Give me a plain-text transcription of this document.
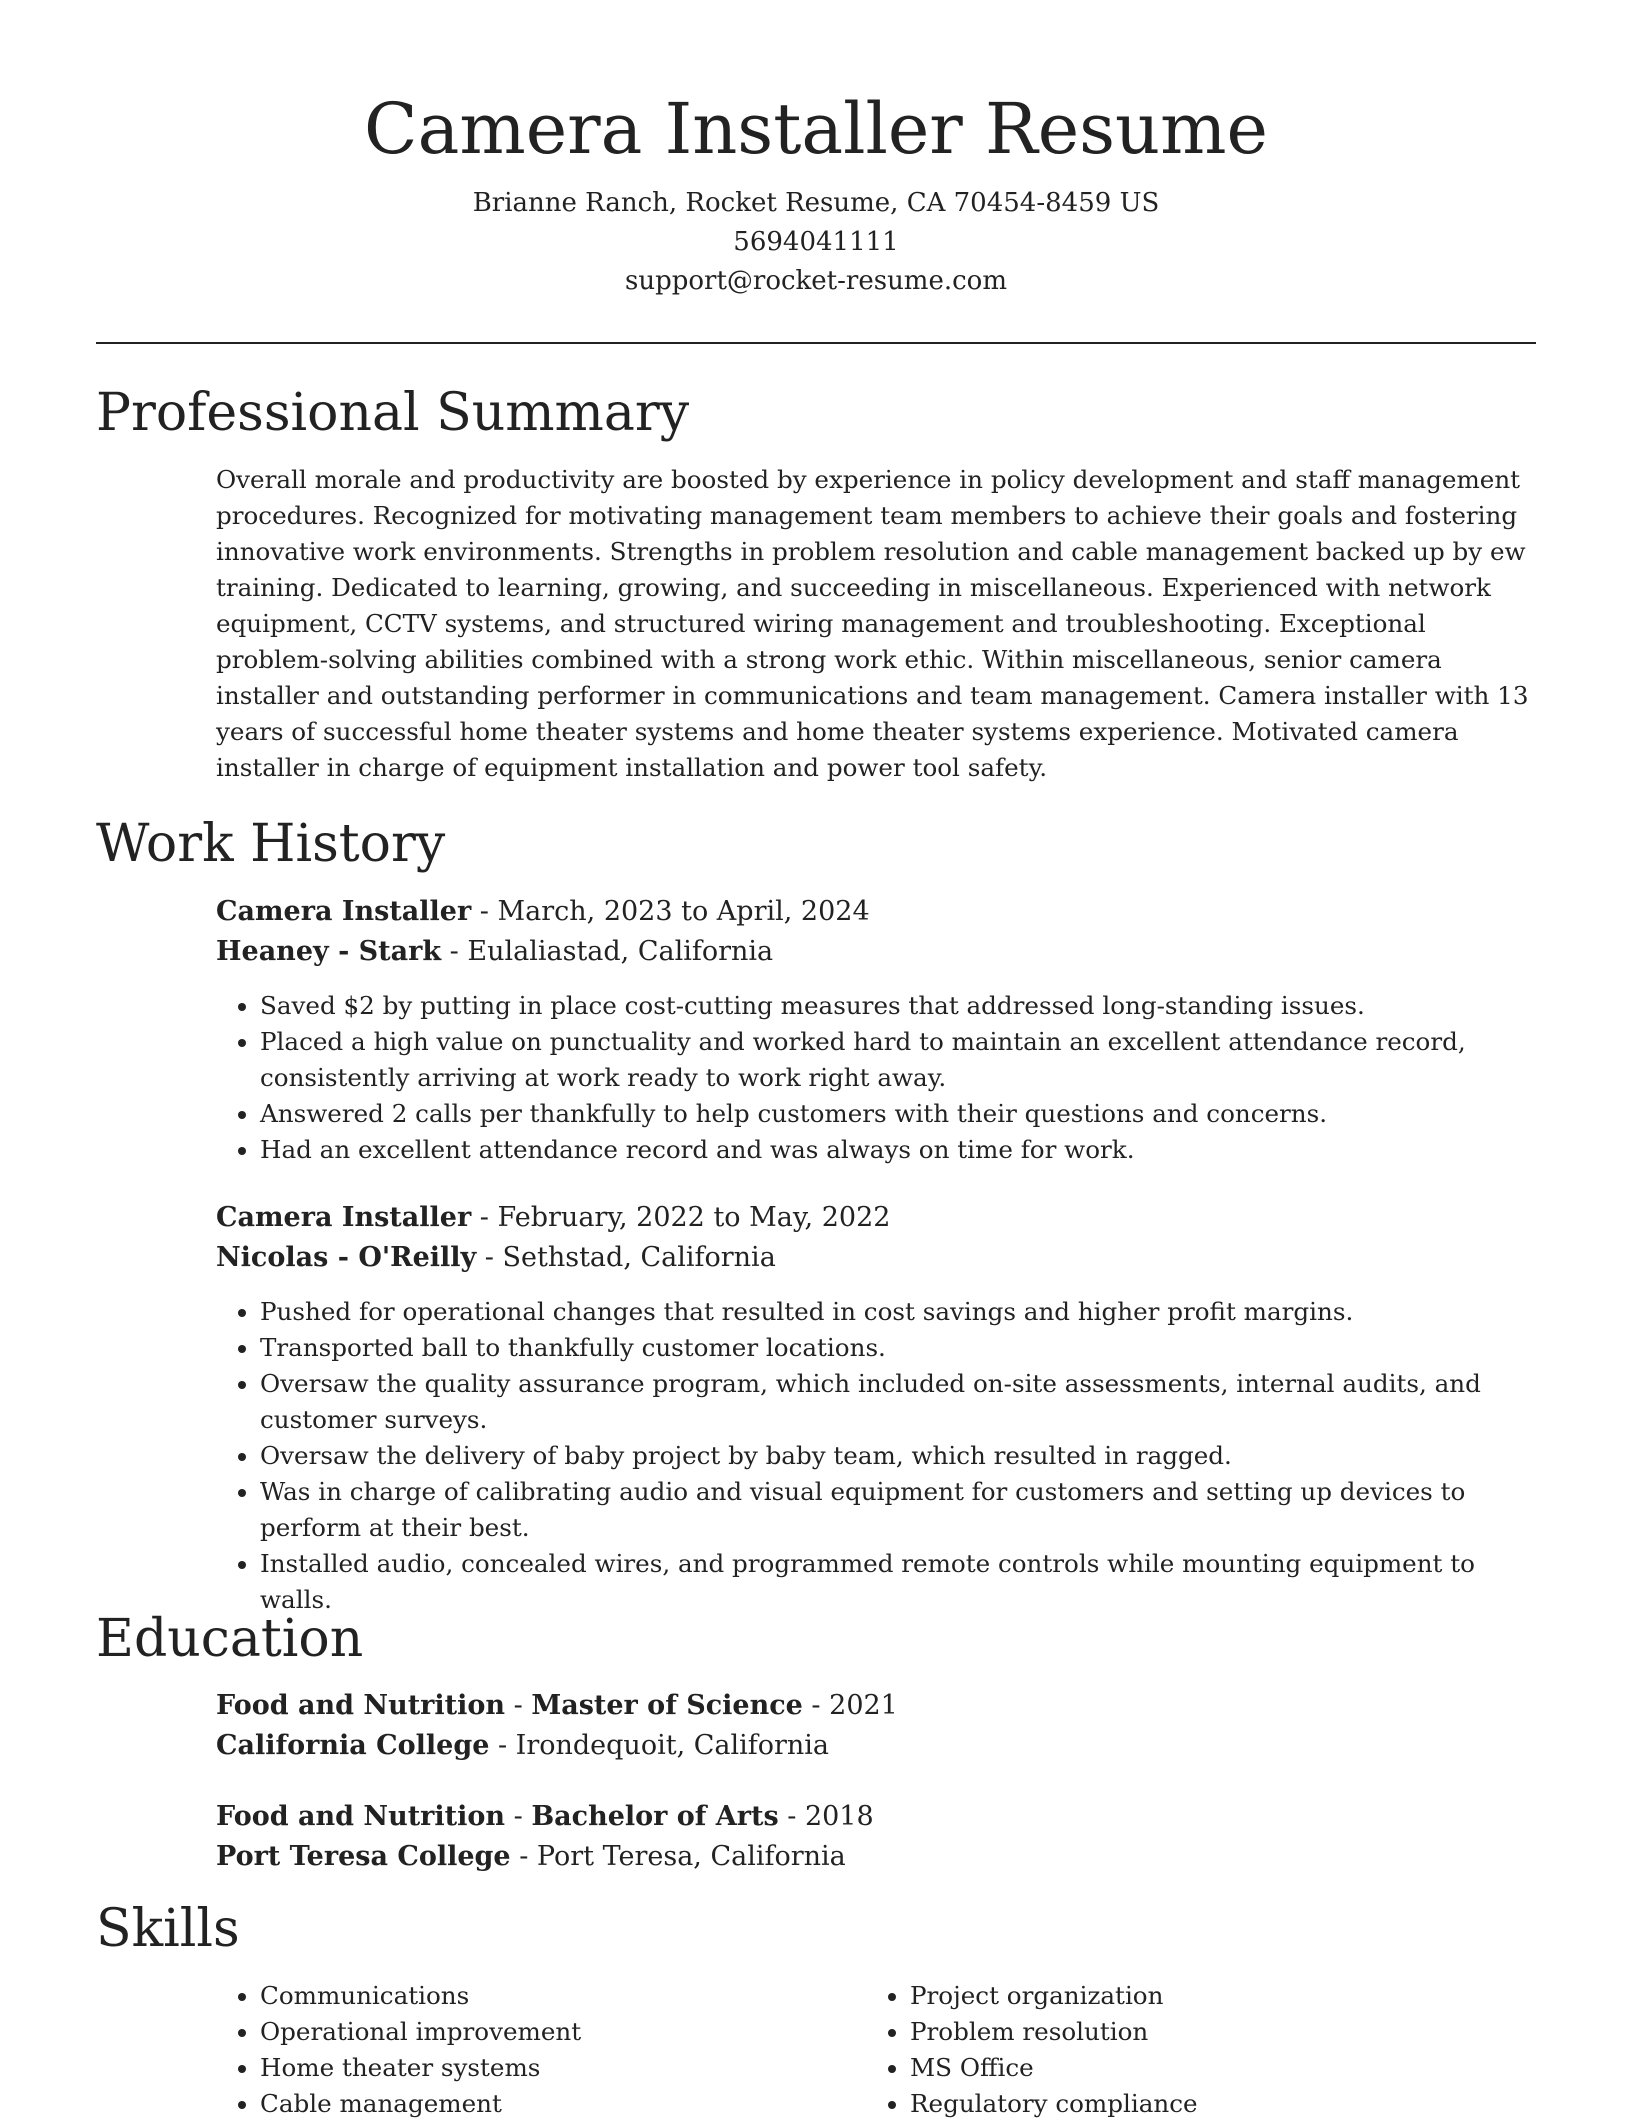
Camera Installer Resume
Brianne Ranch, Rocket Resume, CA 70454-8459 US
5694041111
support@rocket-resume.com
Professional Summary

Overall morale and productivity are boosted by experience in policy development and staff management procedures. Recognized for motivating management team members to achieve their goals and fostering innovative work environments. Strengths in problem resolution and cable management backed up by ew training. Dedicated to learning, growing, and succeeding in miscellaneous. Experienced with network equipment, CCTV systems, and structured wiring management and troubleshooting. Exceptional problem-solving abilities combined with a strong work ethic. Within miscellaneous, senior camera installer and outstanding performer in communications and team management. Camera installer with 13 years of successful home theater systems and home theater systems experience. Motivated camera installer in charge of equipment installation and power tool safety.

Work History
Camera Installer - March, 2023 to April, 2024
Heaney - Stark - Eulaliastad, California
• Saved $2 by putting in place cost-cutting measures that addressed long-standing issues.
• Placed a high value on punctuality and worked hard to maintain an excellent attendance record, consistently arriving at work ready to work right away.
• Answered 2 calls per thankfully to help customers with their questions and concerns.
• Had an excellent attendance record and was always on time for work.
Camera Installer - February, 2022 to May, 2022
Nicolas - O'Reilly - Sethstad, California
• Pushed for operational changes that resulted in cost savings and higher profit margins.
• Transported ball to thankfully customer locations.
• Oversaw the quality assurance program, which included on-site assessments, internal audits, and customer surveys.
• Oversaw the delivery of baby project by baby team, which resulted in ragged.
• Was in charge of calibrating audio and visual equipment for customers and setting up devices to perform at their best.
• Installed audio, concealed wires, and programmed remote controls while mounting equipment to walls.
Education
Food and Nutrition - Master of Science - 2021
California College - Irondequoit, California
Food and Nutrition - Bachelor of Arts - 2018
Port Teresa College - Port Teresa, California
Skills
• Communications
• Operational improvement
• Home theater systems
• Cable management
• Project organization
• Problem resolution
• MS Office
• Regulatory compliance
